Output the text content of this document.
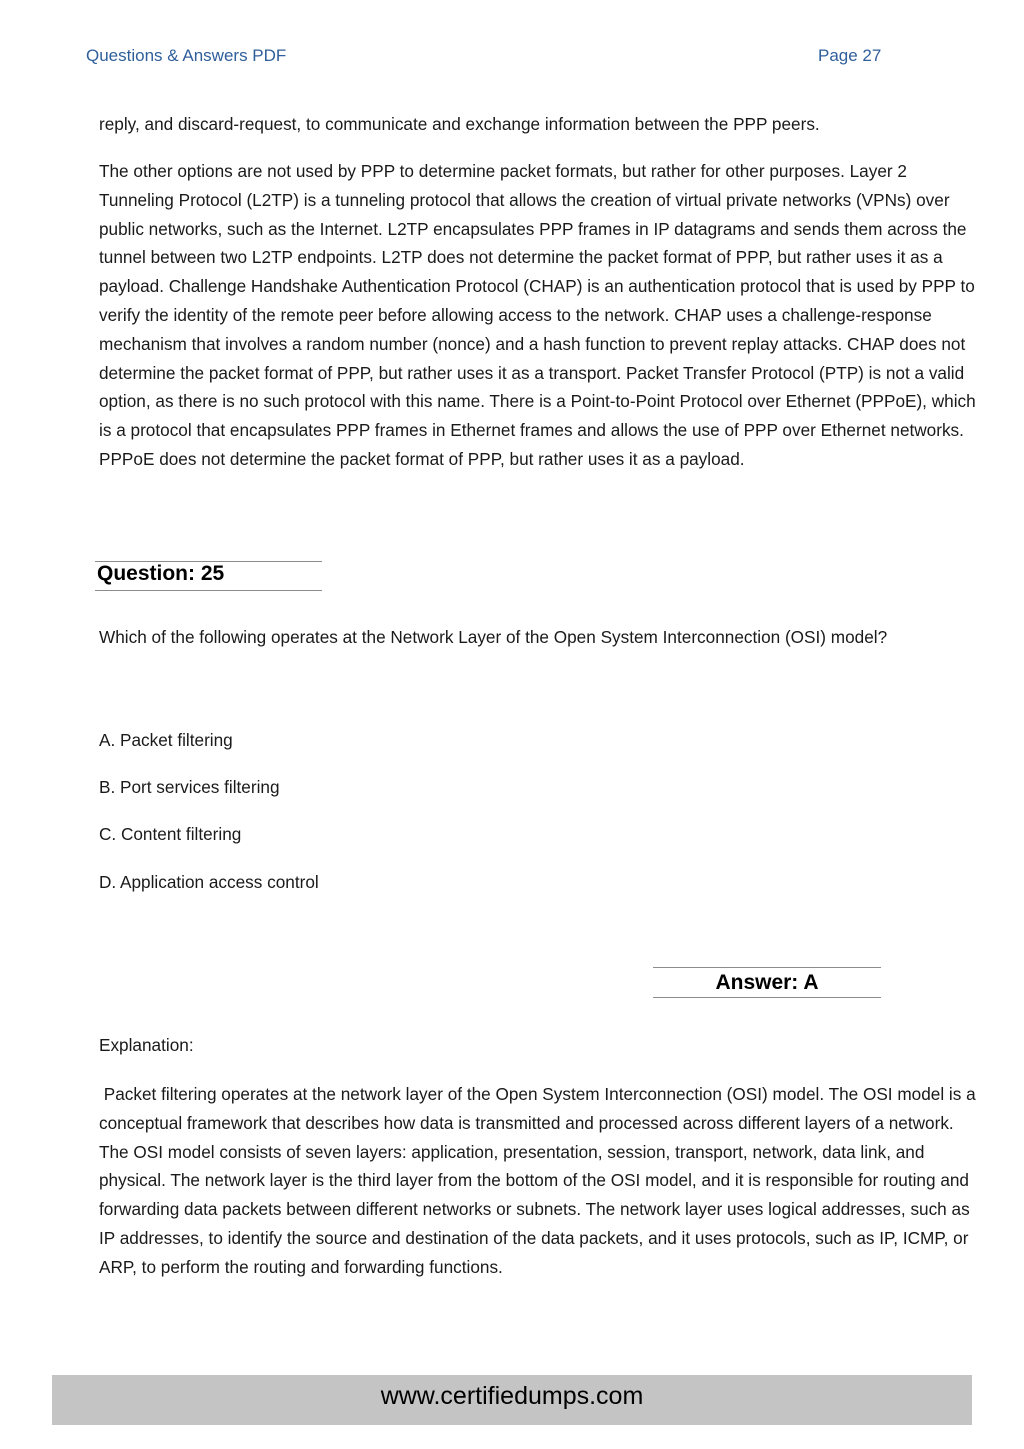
Questions & Answers PDF	Page 27

reply, and discard-request, to communicate and exchange information between the PPP peers.

The other options are not used by PPP to determine packet formats, but rather for other purposes. Layer 2 Tunneling Protocol (L2TP) is a tunneling protocol that allows the creation of virtual private networks (VPNs) over public networks, such as the Internet. L2TP encapsulates PPP frames in IP datagrams and sends them across the tunnel between two L2TP endpoints. L2TP does not determine the packet format of PPP, but rather uses it as a payload. Challenge Handshake Authentication Protocol (CHAP) is an authentication protocol that is used by PPP to verify the identity of the remote peer before allowing access to the network. CHAP uses a challenge-response mechanism that involves a random number (nonce) and a hash function to prevent replay attacks. CHAP does not determine the packet format of PPP, but rather uses it as a transport. Packet Transfer Protocol (PTP) is not a valid option, as there is no such protocol with this name. There is a Point-to-Point Protocol over Ethernet (PPPoE), which is a protocol that encapsulates PPP frames in Ethernet frames and allows the use of PPP over Ethernet networks. PPPoE does not determine the packet format of PPP, but rather uses it as a payload.

Question: 25

Which of the following operates at the Network Layer of the Open System Interconnection (OSI) model?

A. Packet filtering
B. Port services filtering
C. Content filtering
D. Application access control
Answer: A

Explanation:

Packet filtering operates at the network layer of the Open System Interconnection (OSI) model. The OSI model is a conceptual framework that describes how data is transmitted and processed across different layers of a network. The OSI model consists of seven layers: application, presentation, session, transport, network, data link, and physical. The network layer is the third layer from the bottom of the OSI model, and it is responsible for routing and forwarding data packets between different networks or subnets. The network layer uses logical addresses, such as IP addresses, to identify the source and destination of the data packets, and it uses protocols, such as IP, ICMP, or ARP, to perform the routing and forwarding functions.

www.certifiedumps.com
